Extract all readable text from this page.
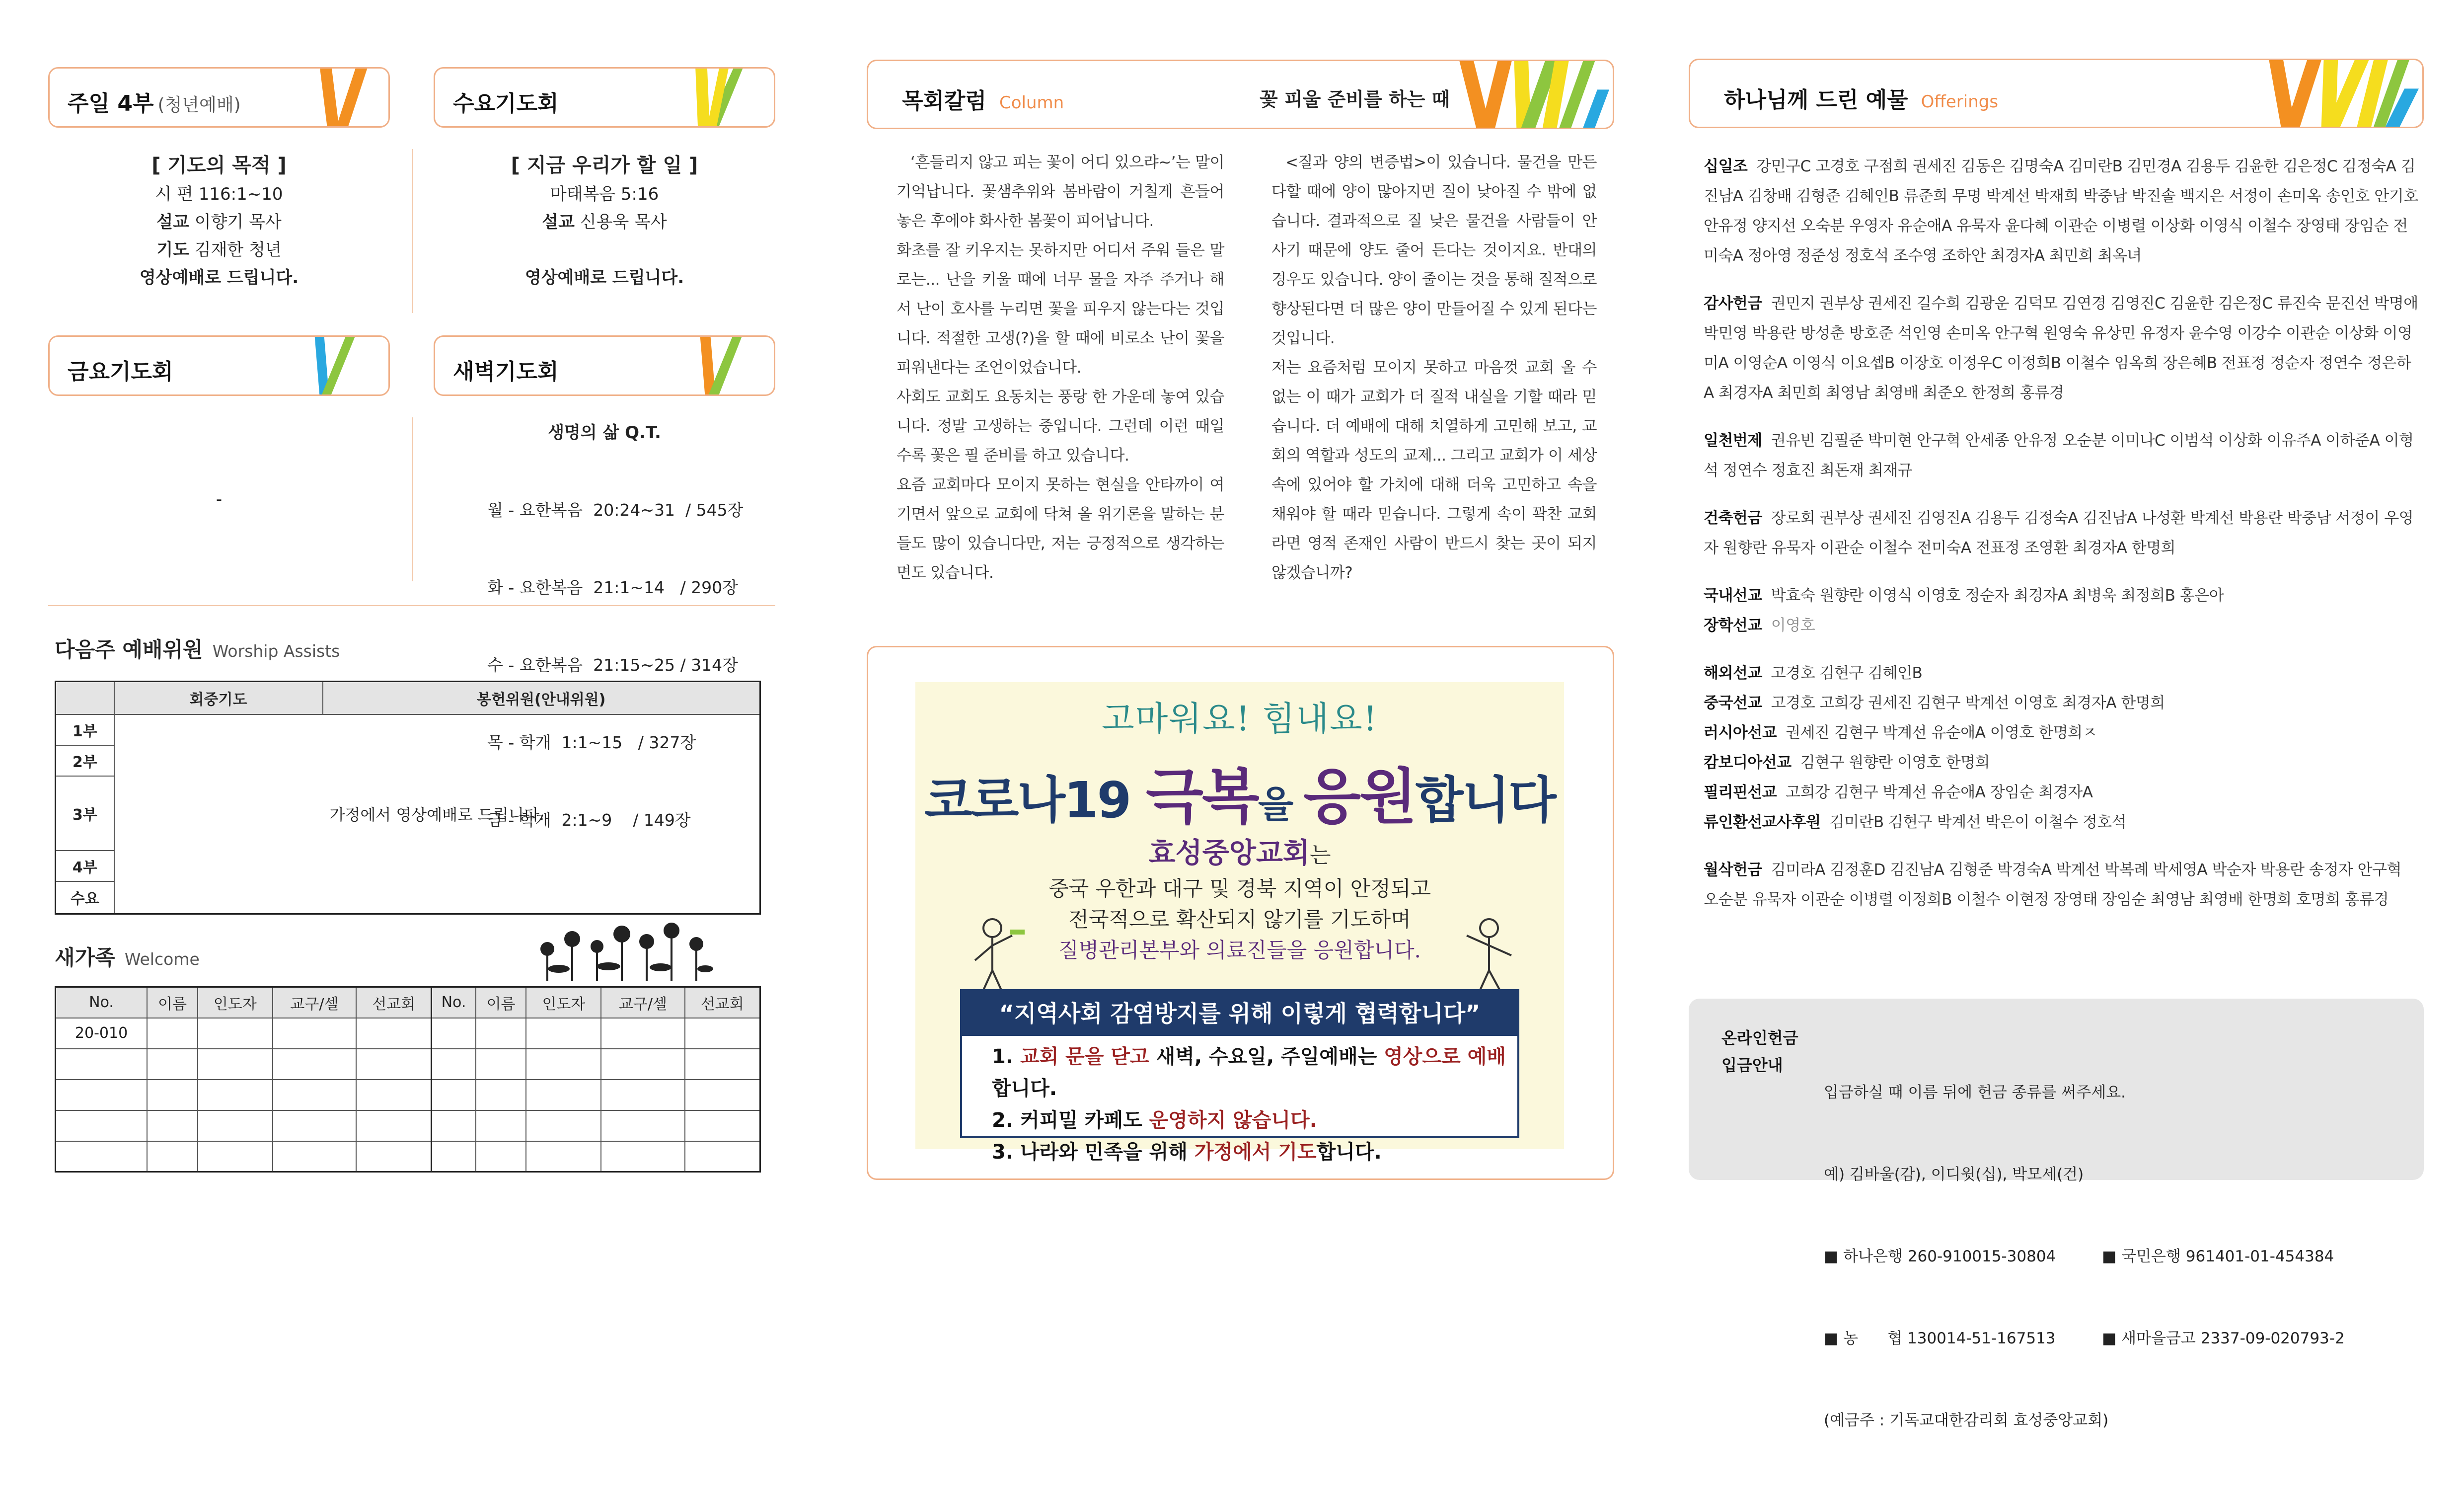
주일 4부 (청년예배)	수요기도회
[ 기도의 목적 ]
시 편 116:1~10
설교 이향기 목사
기도 김재한 청년
영상예배로 드립니다.
[ 지금 우리가 할 일 ]
마태복음 5:16
설교 신용욱 목사

영상예배로 드립니다.
금요기도회	새벽기도회
-
생명의 삶 Q.T.

월 - 요한복음  20:24~31  / 545장

화 - 요한복음  21:1~14   / 290장

수 - 요한복음  21:15~25 / 314장

목 - 학개  1:1~15   / 327장

금 - 학개  2:1~9    / 149장

다음주 예배위원 Worship Assists
	회중기도	봉헌위원(안내위원)
1부	가정에서 영상예배로 드립니다.	
2부		
3부		
4부		
수요		
새가족 Welcome
No.	이름	인도자	교구/셀	선교회	No.	이름	인도자	교구/셀	선교회
20-010									

목회칼럼 Column	꽃 피울 준비를 하는 때
‘흔들리지 않고 피는 꽃이 어디 있으랴~’는 말이 기억납니다. 꽃샘추위와 봄바람이 거칠게 흔들어 놓은 후에야 화사한 봄꽃이 피어납니다.
화초를 잘 키우지는 못하지만 어디서 주워 들은 말로는... 난을 키울 때에 너무 물을 자주 주거나 해서 난이 호사를 누리면 꽃을 피우지 않는다는 것입니다. 적절한 고생(?)을 할 때에 비로소 난이 꽃을 피워낸다는 조언이었습니다.
사회도 교회도 요동치는 풍랑 한 가운데 놓여 있습니다. 정말 고생하는 중입니다. 그런데 이런 때일수록 꽃은 필 준비를 하고 있습니다.
요즘 교회마다 모이지 못하는 현실을 안타까이 여기면서 앞으로 교회에 닥쳐 올 위기론을 말하는 분들도 많이 있습니다만, 저는 긍정적으로 생각하는 면도 있습니다.
<질과 양의 변증법>이 있습니다. 물건을 만든다할 때에 양이 많아지면 질이 낮아질 수 밖에 없습니다. 결과적으로 질 낮은 물건을 사람들이 안 사기 때문에 양도 줄어 든다는 것이지요. 반대의 경우도 있습니다. 양이 줄이는 것을 통해 질적으로 향상된다면 더 많은 양이 만들어질 수 있게 된다는 것입니다.
저는 요즘처럼 모이지 못하고 마음껏 교회 올 수 없는 이 때가 교회가 더 질적 내실을 기할 때라 믿습니다. 더 예배에 대해 치열하게 고민해 보고, 교회의 역할과 성도의 교제... 그리고 교회가 이 세상 속에 있어야 할 가치에 대해 더욱 고민하고 속을 채워야 할 때라 믿습니다. 그렇게 속이 꽉찬 교회라면 영적 존재인 사람이 반드시 찾는 곳이 되지 않겠습니까?
고마워요! 힘내요!
코로나19 극복을 응원합니다
효성중앙교회는
중국 우한과 대구 및 경북 지역이 안정되고
전국적으로 확산되지 않기를 기도하며
질병관리본부와 의료진들을 응원합니다.
“지역사회 감염방지를 위해 이렇게 협력합니다”
1. 교회 문을 닫고 새벽, 수요일, 주일예배는 영상으로 예배합니다.
2. 커피밀 카페도 운영하지 않습니다.
3. 나라와 민족을 위해 가정에서 기도합니다.
하나님께 드린 예물 Offerings

십일조 강민구C 고경호 구점희 권세진 김동은 김명숙A 김미란B 김민경A 김용두 김윤한 김은정C 김정숙A 김진남A 김창배 김형준 김혜인B 류준희 무명 박계선 박재희 박중남 박진솔 백지은 서정이 손미옥 송인호 안기호 안유정 양지선 오숙분 우영자 유순애A 유묵자 윤다혜 이관순 이병렬 이상화 이영식 이철수 장영태 장임순 전미숙A 정아영 정준성 정호석 조수영 조하안 최경자A 최민희 최옥녀

감사헌금 권민지 권부상 권세진 길수희 김광운 김덕모 김연경 김영진C 김윤한 김은정C 류진숙 문진선 박명애 박민영 박용란 방성춘 방호준 석인영 손미옥 안구혁 원영숙 유상민 유정자 윤수영 이강수 이관순 이상화 이영미A 이영순A 이영식 이요셉B 이장호 이정우C 이정희B 이철수 임옥희 장은혜B 전표정 정순자 정연수 정은하A 최경자A 최민희 최영남 최영배 최준오 한정희 홍류경

일천번제 권유빈 김필준 박미현 안구혁 안세종 안유정 오순분 이미나C 이범석 이상화 이유주A 이하준A 이형석 정연수 정효진 최돈재 최재규

건축헌금 장로회 권부상 권세진 김영진A 김용두 김정숙A 김진남A 나성환 박계선 박용란 박중남 서정이 우영자 원향란 유묵자 이관순 이철수 전미숙A 전표정 조영환 최경자A 한명희

국내선교 박효숙 원향란 이영식 이영호 정순자 최경자A 최병욱 최정희B 홍은아

장학선교 이영호

해외선교 고경호 김현구 김혜인B

중국선교 고경호 고희강 권세진 김현구 박계선 이영호 최경자A 한명희

러시아선교 권세진 김현구 박계선 유순애A 이영호 한명희ㅈ

캄보디아선교 김현구 원향란 이영호 한명희

필리핀선교 고희강 김현구 박계선 유순애A 장임순 최경자A

류인환선교사후원 김미란B 김현구 박계선 박은이 이철수 정호석

월삭헌금 김미라A 김정훈D 김진남A 김형준 박경숙A 박계선 박복례 박세영A 박순자 박용란 송정자 안구혁 오순분 유묵자 이관순 이병렬 이정희B 이철수 이현정 장영태 장임순 최영남 최영배 한명희 호명희 홍류경

온라인헌금
입금안내

입금하실 때 이름 뒤에 헌금 종류를 써주세요.

예) 김바울(감), 이디윗(십), 박모세(건)

■ 하나은행 260-910015-30804	■ 국민은행 961401-01-454384

■ 농      협 130014-51-167513	■ 새마을금고 2337-09-020793-2

(예금주 : 기독교대한감리회 효성중앙교회)
